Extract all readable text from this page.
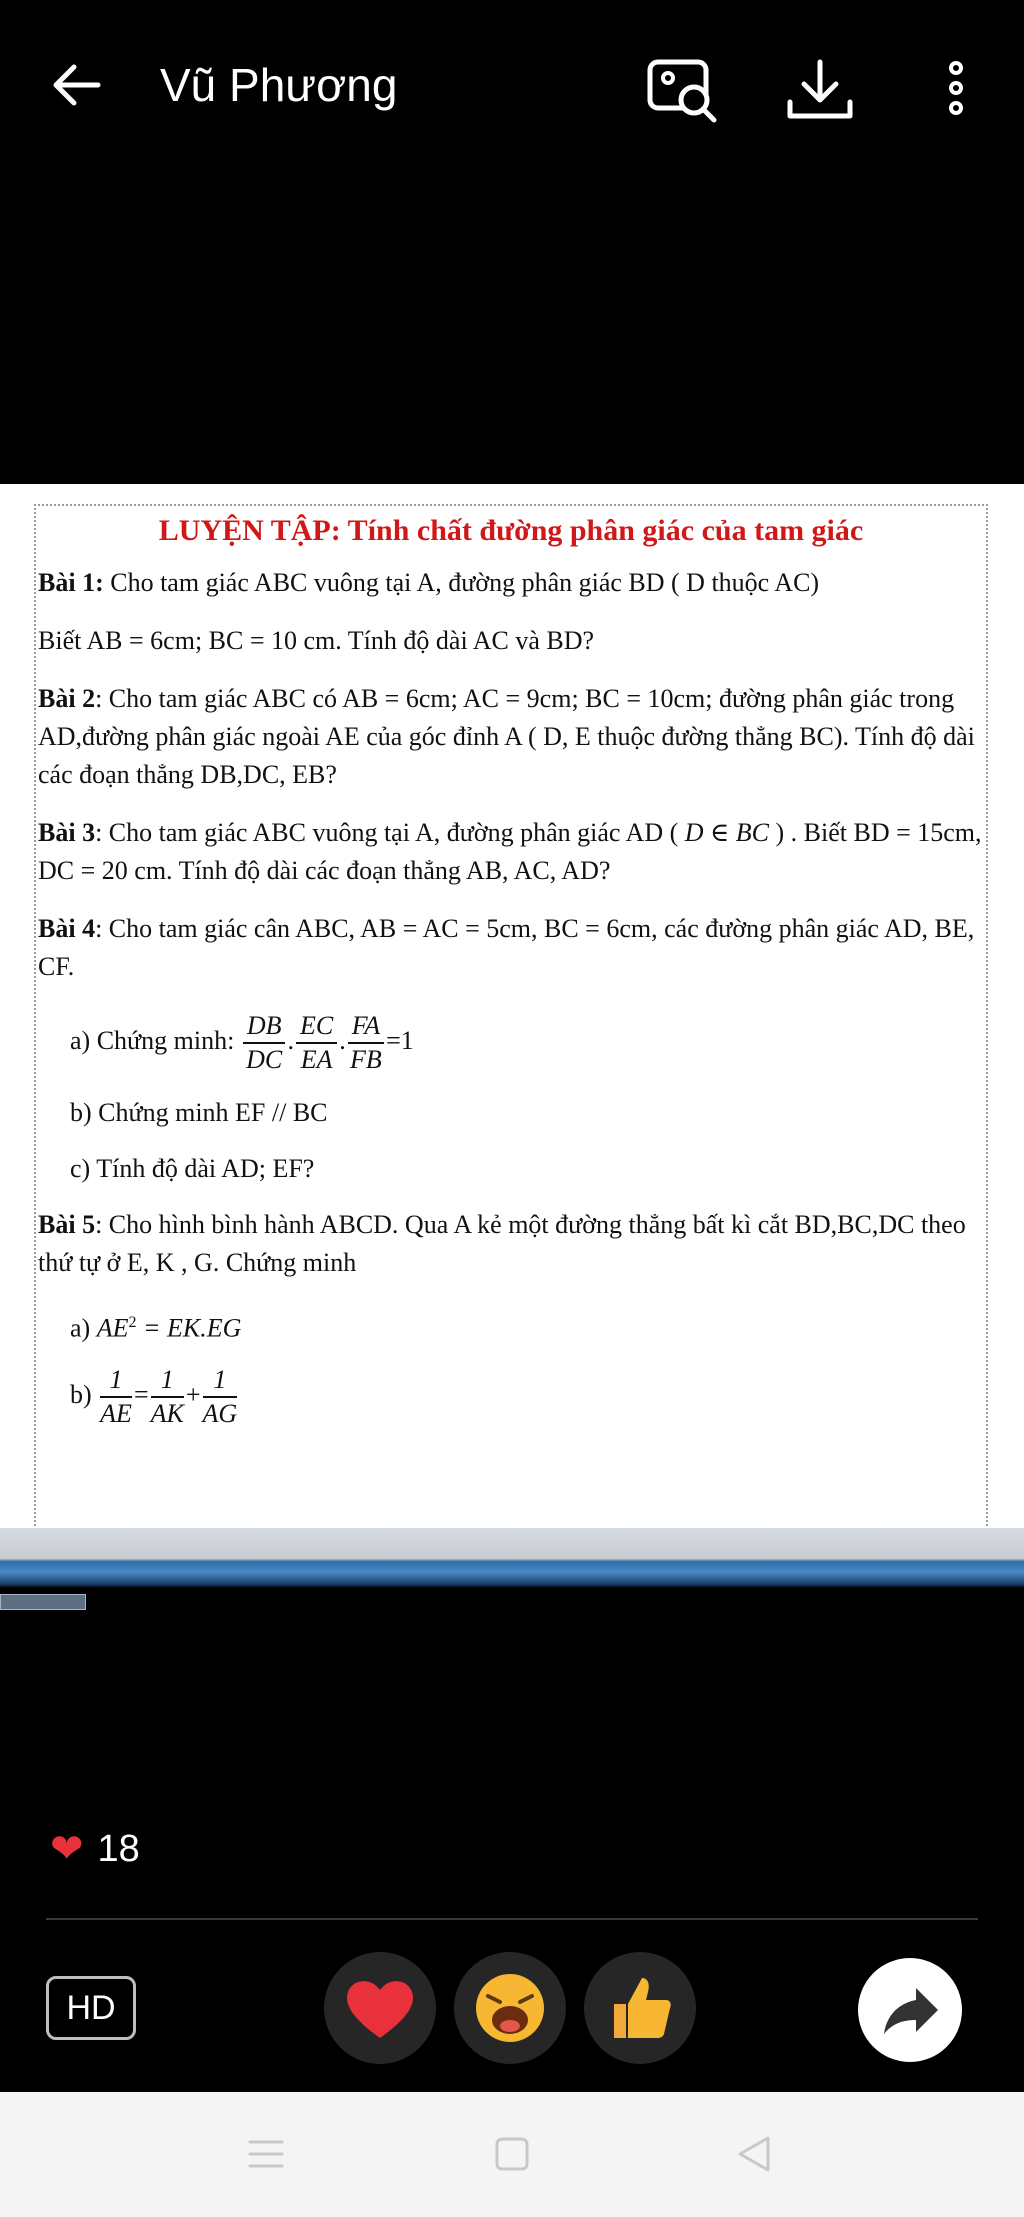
Vũ Phương
LUYỆN TẬP: Tính chất đường phân giác của tam giác
Bài 1: Cho tam giác ABC vuông tại A, đường phân giác BD ( D thuộc AC)
Biết AB = 6cm; BC = 10 cm. Tính độ dài AC và BD?
Bài 2: Cho tam giác ABC có AB = 6cm; AC = 9cm; BC = 10cm; đường phân giác trong AD,đường phân giác ngoài AE của góc đỉnh A ( D, E thuộc đường thẳng BC). Tính độ dài các đoạn thẳng DB,DC, EB?
Bài 3: Cho tam giác ABC vuông tại A, đường phân giác AD ( D ∈ BC ) . Biết BD = 15cm, DC = 20 cm. Tính độ dài các đoạn thẳng AB, AC, AD?
Bài 4: Cho tam giác cân ABC, AB = AC = 5cm, BC = 6cm, các đường phân giác AD, BE, CF.
a) Chứng minh: $\frac{DB}{DC}$ . $\frac{EC}{EA}$ . $\frac{FA}{FB} =1$
b) Chứng minh EF // BC
c) Tính độ dài AD; EF?
Bài 5: Cho hình bình hành ABCD. Qua A kẻ một đường thẳng bất kì cắt BD,BC,DC theo thứ tự ở E, K , G. Chứng minh
a) $AE^2 = EK.EG$
$b) \frac{1}{AE} = \frac{1}{AK} + \frac{1}{AG}$
❤ 18
HD
